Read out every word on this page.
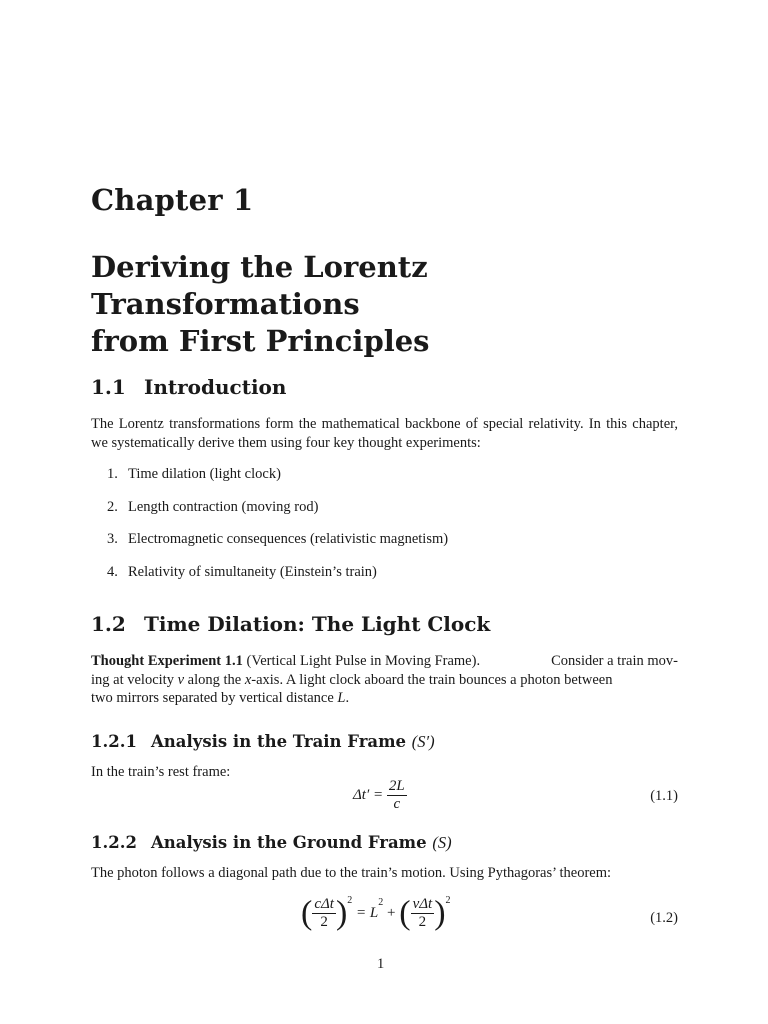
Chapter 1
Deriving the Lorentz Transformations
from First Principles
1.1 Introduction
The Lorentz transformations form the mathematical backbone of special relativity. In this chapter, we systematically derive them using four key thought experiments:
1. Time dilation (light clock)
2. Length contraction (moving rod)
3. Electromagnetic consequences (relativistic magnetism)
4. Relativity of simultaneity (Einstein’s train)
1.2 Time Dilation: The Light Clock
Thought Experiment 1.1 (Vertical Light Pulse in Moving Frame).	Consider a train mov-
ing at velocity v along the x-axis. A light clock aboard the train bounces a photon between
two mirrors separated by vertical distance L.
1.2.1 Analysis in the Train Frame (S′)
In the train’s rest frame:
$\Delta t' = \frac{2L}{c}$	(1.1)
1.2.2 Analysis in the Ground Frame (S)
The photon follows a diagonal path due to the train’s motion. Using Pythagoras’ theorem:
( $\frac{\text{cΔt}}{2} )^2 = L^2$ + ( $\frac{\text{vΔt}}{2} )^2$
(1.2)
1
